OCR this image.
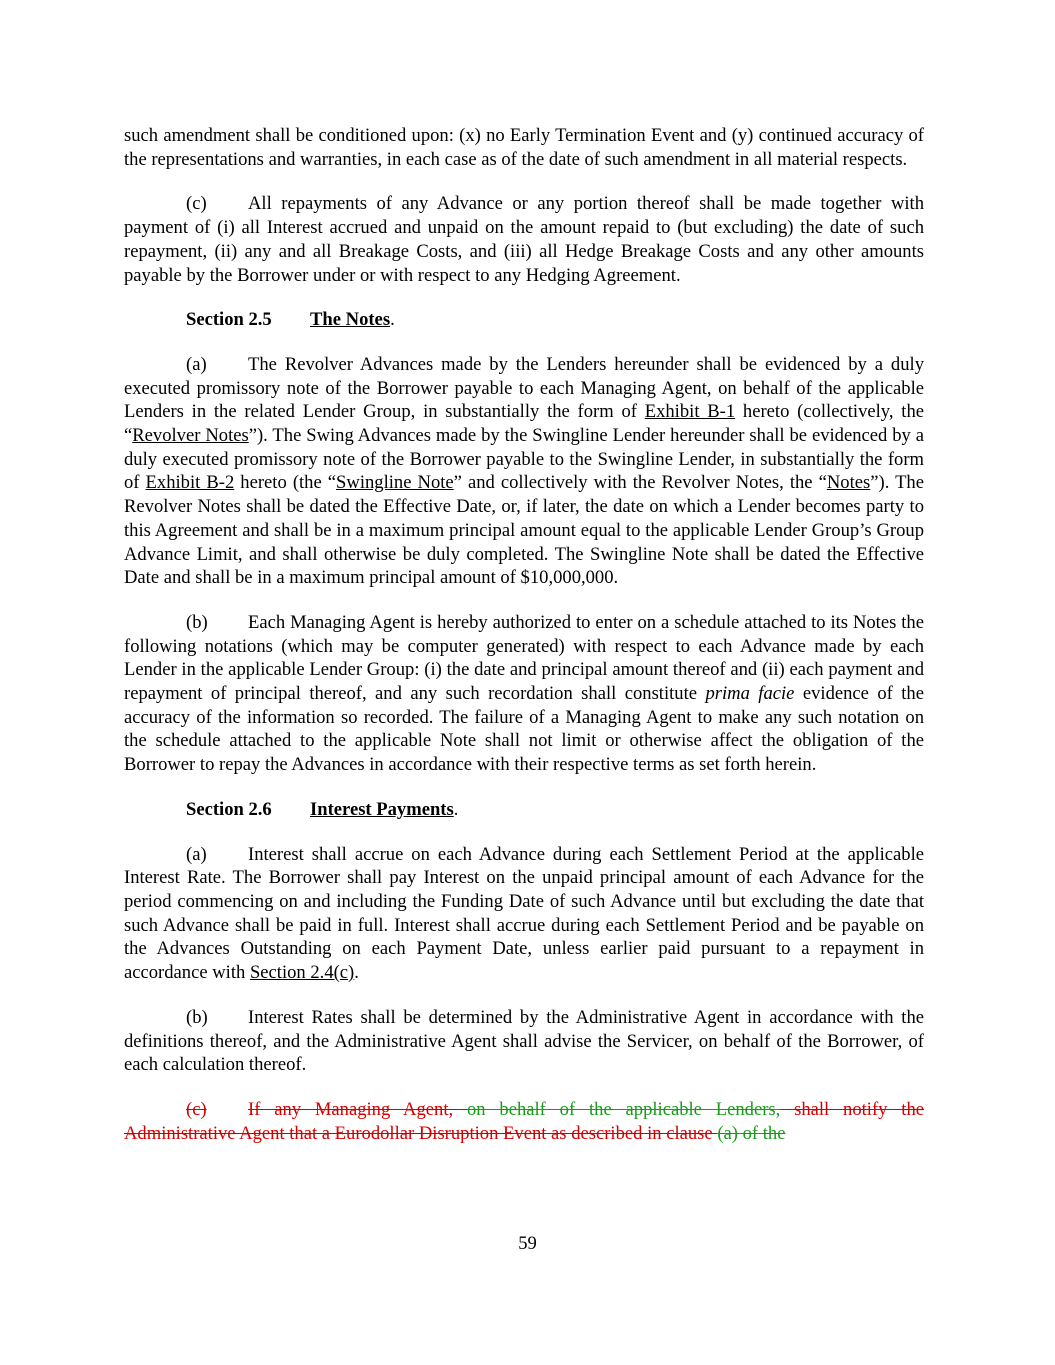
such amendment shall be conditioned upon: (x) no Early Termination Event and (y) continued accuracy of the representations and warranties, in each case as of the date of such amendment in all material respects.

(c) All repayments of any Advance or any portion thereof shall be made together with payment of (i) all Interest accrued and unpaid on the amount repaid to (but excluding) the date of such repayment, (ii) any and all Breakage Costs, and (iii) all Hedge Breakage Costs and any other amounts payable by the Borrower under or with respect to any Hedging Agreement.

Section 2.5 The Notes.

(a) The Revolver Advances made by the Lenders hereunder shall be evidenced by a duly executed promissory note of the Borrower payable to each Managing Agent, on behalf of the applicable Lenders in the related Lender Group, in substantially the form of Exhibit B-1 hereto (collectively, the “Revolver Notes”). The Swing Advances made by the Swingline Lender hereunder shall be evidenced by a duly executed promissory note of the Borrower payable to the Swingline Lender, in substantially the form of Exhibit B-2 hereto (the “Swingline Note” and collectively with the Revolver Notes, the “Notes”). The Revolver Notes shall be dated the Effective Date, or, if later, the date on which a Lender becomes party to this Agreement and shall be in a maximum principal amount equal to the applicable Lender Group’s Group Advance Limit, and shall otherwise be duly completed. The Swingline Note shall be dated the Effective Date and shall be in a maximum principal amount of $10,000,000.

(b) Each Managing Agent is hereby authorized to enter on a schedule attached to its Notes the following notations (which may be computer generated) with respect to each Advance made by each Lender in the applicable Lender Group: (i) the date and principal amount thereof and (ii) each payment and repayment of principal thereof, and any such recordation shall constitute prima facie evidence of the accuracy of the information so recorded. The failure of a Managing Agent to make any such notation on the schedule attached to the applicable Note shall not limit or otherwise affect the obligation of the Borrower to repay the Advances in accordance with their respective terms as set forth herein.

Section 2.6 Interest Payments.

(a) Interest shall accrue on each Advance during each Settlement Period at the applicable Interest Rate. The Borrower shall pay Interest on the unpaid principal amount of each Advance for the period commencing on and including the Funding Date of such Advance until but excluding the date that such Advance shall be paid in full. Interest shall accrue during each Settlement Period and be payable on the Advances Outstanding on each Payment Date, unless earlier paid pursuant to a repayment in accordance with Section 2.4(c).

(b) Interest Rates shall be determined by the Administrative Agent in accordance with the definitions thereof, and the Administrative Agent shall advise the Servicer, on behalf of the Borrower, of each calculation thereof.

(c) If any Managing Agent, on behalf of the applicable Lenders, shall notify the Administrative Agent that a Eurodollar Disruption Event as described in clause (a) of the

59
